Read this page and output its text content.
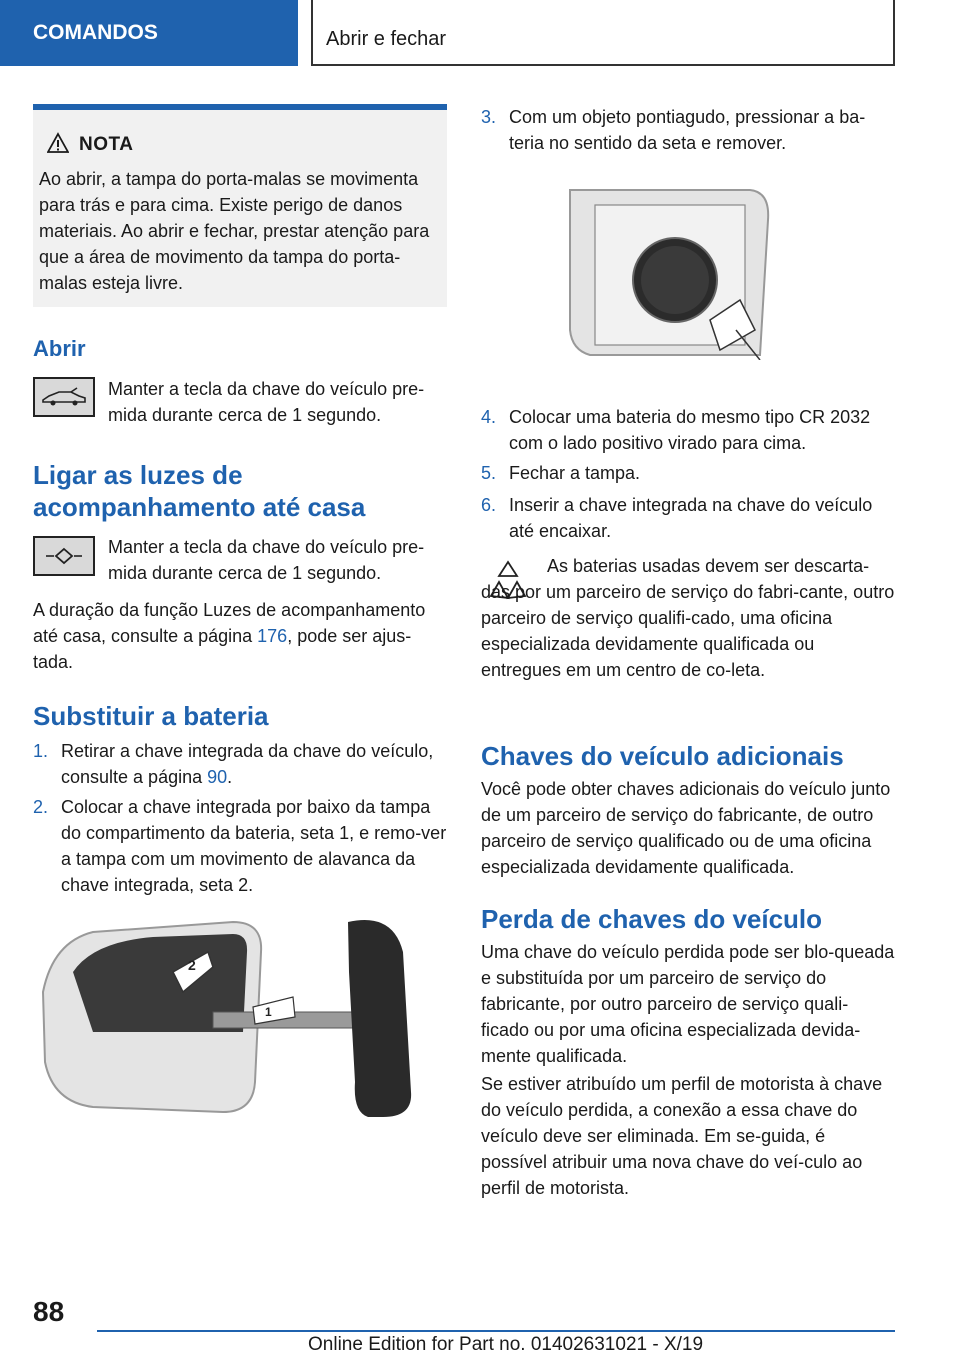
COMANDOS	Abrir e fechar
NOTA
Ao abrir, a tampa do porta-malas se movimenta para trás e para cima. Existe perigo de danos materiais. Ao abrir e fechar, prestar atenção para que a área de movimento da tampa do porta-malas esteja livre.
Abrir
Manter a tecla da chave do veículo pre-mida durante cerca de 1 segundo.
Ligar as luzes de acompanhamento até casa
Manter a tecla da chave do veículo pre-mida durante cerca de 1 segundo.
A duração da função Luzes de acompanhamento até casa, consulte a página 176, pode ser ajus-tada.
Substituir a bateria
1. Retirar a chave integrada da chave do veículo, consulte a página 90.
2. Colocar a chave integrada por baixo da tampa do compartimento da bateria, seta 1, e remo-ver a tampa com um movimento de alavanca da chave integrada, seta 2.
2
1
3. Com um objeto pontiagudo, pressionar a ba-teria no sentido da seta e remover.
4. Colocar uma bateria do mesmo tipo CR 2032 com o lado positivo virado para cima.
5. Fechar a tampa.
6. Inserir a chave integrada na chave do veículo até encaixar.
As baterias usadas devem ser descarta-das por um parceiro de serviço do fabri-cante, outro parceiro de serviço qualifi-cado, uma oficina especializada devidamente qualificada ou entregues em um centro de co-leta.
Chaves do veículo adicionais
Você pode obter chaves adicionais do veículo junto de um parceiro de serviço do fabricante, de outro parceiro de serviço qualificado ou de uma oficina especializada devidamente qualificada.
Perda de chaves do veículo
Uma chave do veículo perdida pode ser blo-queada e substituída por um parceiro de serviço do fabricante, por outro parceiro de serviço quali-ficado ou por uma oficina especializada devida-mente qualificada.
Se estiver atribuído um perfil de motorista à chave do veículo perdida, a conexão a essa chave do veículo deve ser eliminada. Em se-guida, é possível atribuir uma nova chave do veí-culo ao perfil de motorista.
88
Online Edition for Part no. 01402631021 - X/19
